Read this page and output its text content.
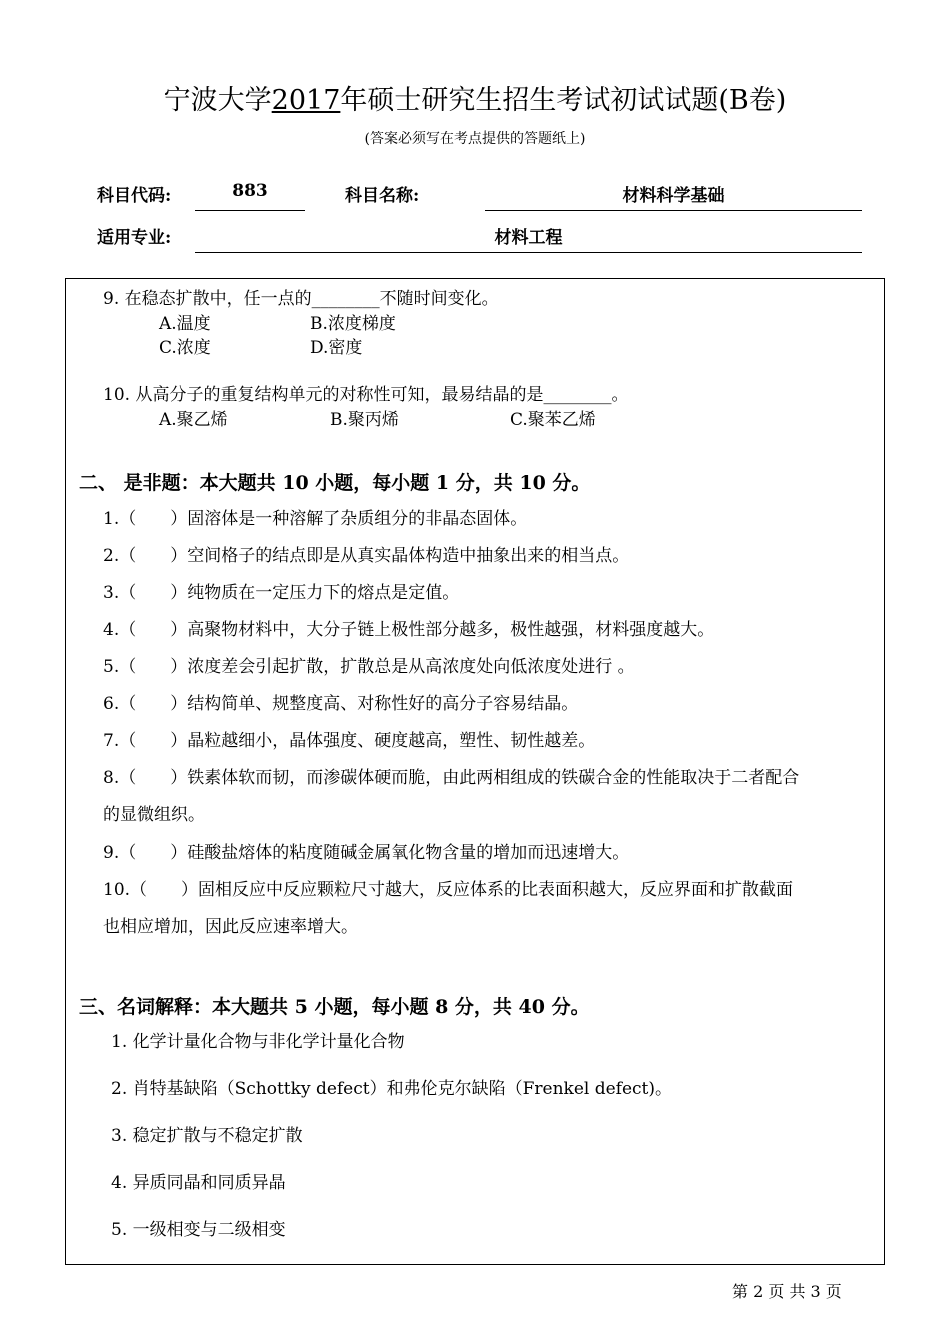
宁波大学2017年硕士研究生招生考试初试试题(B卷)
(答案必须写在考点提供的答题纸上)
科目代码:	883	科目名称:	材料科学基础
适用专业:	材料工程
9. 在稳态扩散中，任一点的________不随时间变化。
A.温度	B.浓度梯度
C.浓度	D.密度
10. 从高分子的重复结构单元的对称性可知，最易结晶的是________。
A.聚乙烯	B.聚丙烯	C.聚苯乙烯
二、 是非题：本大题共 10 小题，每小题 1 分，共 10 分。
1.（　　）固溶体是一种溶解了杂质组分的非晶态固体。
2.（　　）空间格子的结点即是从真实晶体构造中抽象出来的相当点。
3.（　　）纯物质在一定压力下的熔点是定值。
4.（　　）高聚物材料中，大分子链上极性部分越多，极性越强，材料强度越大。
5.（　　）浓度差会引起扩散，扩散总是从高浓度处向低浓度处进行 。
6.（　　）结构简单、规整度高、对称性好的高分子容易结晶。
7.（　　）晶粒越细小，晶体强度、硬度越高，塑性、韧性越差。
8.（　　）铁素体软而韧，而渗碳体硬而脆，由此两相组成的铁碳合金的性能取决于二者配合
的显微组织。
9.（　　）硅酸盐熔体的粘度随碱金属氧化物含量的增加而迅速增大。
10.（　　）固相反应中反应颗粒尺寸越大，反应体系的比表面积越大，反应界面和扩散截面
也相应增加，因此反应速率增大。
三、名词解释：本大题共 5 小题，每小题 8 分，共 40 分。
1. 化学计量化合物与非化学计量化合物
2. 肖特基缺陷（Schottky defect）和弗伦克尔缺陷（Frenkel defect)。
3. 稳定扩散与不稳定扩散
4. 异质同晶和同质异晶
5. 一级相变与二级相变
第 2 页 共 3 页
